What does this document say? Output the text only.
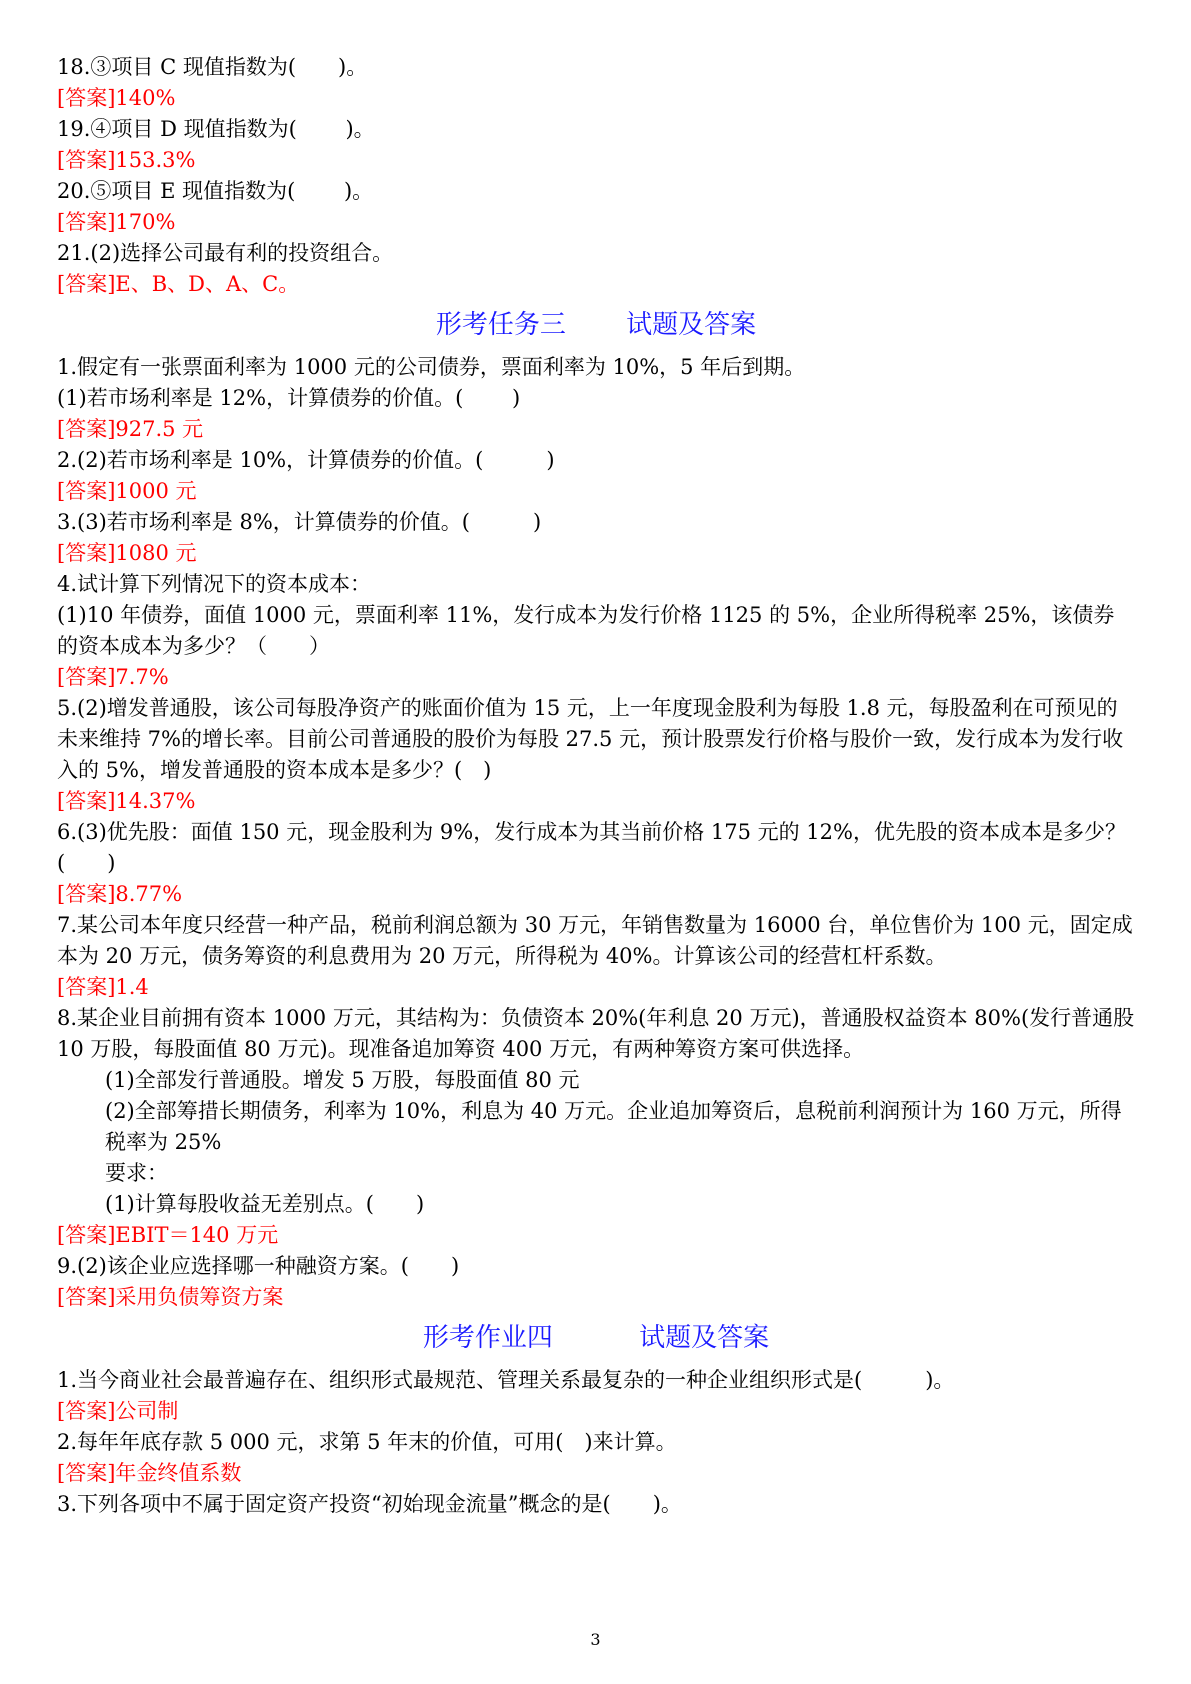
18.③项目 C 现值指数为(　　)。
[答案]140%
19.④项目 D 现值指数为(　　 )。
[答案]153.3%
20.⑤项目 E 现值指数为(　　 )。
[答案]170%
21.(2)选择公司最有利的投资组合。
[答案]E、B、D、A、C。
形考任务三　　 试题及答案
1.假定有一张票面利率为 1000 元的公司债券，票面利率为 10%，5 年后到期。
(1)若市场利率是 12%，计算债券的价值。(　　 )
[答案]927.5 元
2.(2)若市场利率是 10%，计算债券的价值。(　　　)
[答案]1000 元
3.(3)若市场利率是 8%，计算债券的价值。(　　　)
[答案]1080 元
4.试计算下列情况下的资本成本：
(1)10 年债券，面值 1000 元，票面利率 11%，发行成本为发行价格 1125 的 5%，企业所得税率 25%，该债券的资本成本为多少？（　　）
[答案]7.7%
5.(2)增发普通股，该公司每股净资产的账面价值为 15 元，上一年度现金股利为每股 1.8 元，每股盈利在可预见的未来维持 7%的增长率。目前公司普通股的股价为每股 27.5 元，预计股票发行价格与股价一致，发行成本为发行收入的 5%，增发普通股的资本成本是多少？(　)
[答案]14.37%
6.(3)优先股：面值 150 元，现金股利为 9%，发行成本为其当前价格 175 元的 12%，优先股的资本成本是多少？(　　)
[答案]8.77%
7.某公司本年度只经营一种产品，税前利润总额为 30 万元，年销售数量为 16000 台，单位售价为 100 元，固定成本为 20 万元，债务筹资的利息费用为 20 万元，所得税为 40%。计算该公司的经营杠杆系数。
[答案]1.4
8.某企业目前拥有资本 1000 万元，其结构为：负债资本 20%(年利息 20 万元)，普通股权益资本 80%(发行普通股 10 万股，每股面值 80 万元)。现准备追加筹资 400 万元，有两种筹资方案可供选择。
(1)全部发行普通股。增发 5 万股，每股面值 80 元
(2)全部筹措长期债务，利率为 10%，利息为 40 万元。企业追加筹资后，息税前利润预计为 160 万元，所得税率为 25%
要求：
(1)计算每股收益无差别点。(　　)
[答案]EBIT＝140 万元
9.(2)该企业应选择哪一种融资方案。(　　)
[答案]采用负债筹资方案
形考作业四　　　 试题及答案
1.当今商业社会最普遍存在、组织形式最规范、管理关系最复杂的一种企业组织形式是(　　　)。
[答案]公司制
2.每年年底存款 5 000 元，求第 5 年末的价值，可用(　)来计算。
[答案]年金终值系数
3.下列各项中不属于固定资产投资“初始现金流量”概念的是(　　)。
3
